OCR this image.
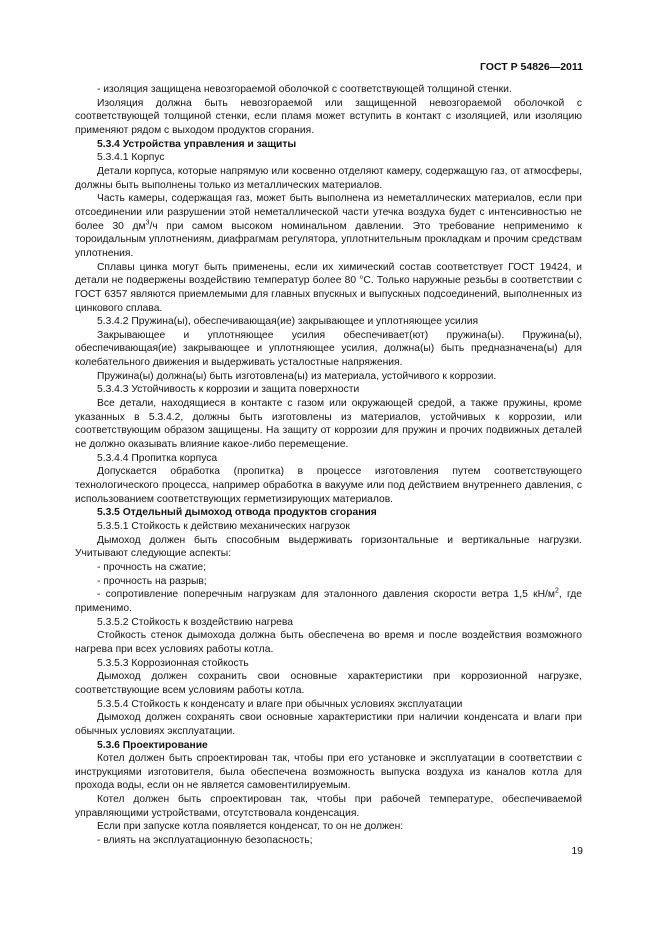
ГОСТ Р 54826—2011

- изоляция защищена невозгораемой оболочкой с соответствующей толщиной стенки.

Изоляция должна быть невозгораемой или защищенной невозгораемой оболочкой с соответствующей толщиной стенки, если пламя может вступить в контакт с изоляцией, или изоляцию применяют рядом с выходом продуктов сгорания.

5.3.4 Устройства управления и защиты

5.3.4.1 Корпус

Детали корпуса, которые напрямую или косвенно отделяют камеру, содержащую газ, от атмосферы, должны быть выполнены только из металлических материалов.

Часть камеры, содержащая газ, может быть выполнена из неметаллических материалов, если при отсоединении или разрушении этой неметаллической части утечка воздуха будет с интенсивностью не более 30 $дм^3/ч$ при самом высоком номинальном давлении. Это требование неприменимо к тороидальным уплотнениям, диафрагмам регулятора, уплотнительным прокладкам и прочим средствам уплотнения.

Сплавы цинка могут быть применены, если их химический состав соответствует ГОСТ 19424, и детали не подвержены воздействию температур более 80 °С. Только наружные резьбы в соответствии с ГОСТ 6357 являются приемлемыми для главных впускных и выпускных подсоединений, выполненных из цинкового сплава.

5.3.4.2 Пружина(ы), обеспечивающая(ие) закрывающее и уплотняющее усилия

Закрывающее и уплотняющее усилия обеспечивает(ют) пружина(ы). Пружина(ы), обеспечивающая(ие) закрывающее и уплотняющее усилия, должна(ы) быть предназначена(ы) для колебательного движения и выдерживать усталостные напряжения.

Пружина(ы) должна(ы) быть изготовлена(ы) из материала, устойчивого к коррозии.

5.3.4.3 Устойчивость к коррозии и защита поверхности

Все детали, находящиеся в контакте с газом или окружающей средой, а также пружины, кроме указанных в 5.3.4.2, должны быть изготовлены из материалов, устойчивых к коррозии, или соответствующим образом защищены. На защиту от коррозии для пружин и прочих подвижных деталей не должно оказывать влияние какое-либо перемещение.

5.3.4.4 Пропитка корпуса

Допускается обработка (пропитка) в процессе изготовления путем соответствующего технологического процесса, например обработка в вакууме или под действием внутреннего давления, с использованием соответствующих герметизирующих материалов.

5.3.5 Отдельный дымоход отвода продуктов сгорания

5.3.5.1 Стойкость к действию механических нагрузок

Дымоход должен быть способным выдерживать горизонтальные и вертикальные нагрузки. Учитывают следующие аспекты:

- прочность на сжатие;

- прочность на разрыв;

- сопротивление поперечным нагрузкам для эталонного давления скорости ветра 1,5 $кН/м^2$, где применимо.

5.3.5.2 Стойкость к воздействию нагрева

Стойкость стенок дымохода должна быть обеспечена во время и после воздействия возможного нагрева при всех условиях работы котла.

5.3.5.3 Коррозионная стойкость

Дымоход должен сохранить свои основные характеристики при коррозионной нагрузке, соответствующие всем условиям работы котла.

5.3.5.4 Стойкость к конденсату и влаге при обычных условиях эксплуатации

Дымоход должен сохранять свои основные характеристики при наличии конденсата и влаги при обычных условиях эксплуатации.

5.3.6 Проектирование

Котел должен быть спроектирован так, чтобы при его установке и эксплуатации в соответствии с инструкциями изготовителя, была обеспечена возможность выпуска воздуха из каналов котла для прохода воды, если он не является самовентилируемым.

Котел должен быть спроектирован так, чтобы при рабочей температуре, обеспечиваемой управляющими устройствами, отсутствовала конденсация.

Если при запуске котла появляется конденсат, то он не должен:

- влиять на эксплуатационную безопасность;

19
